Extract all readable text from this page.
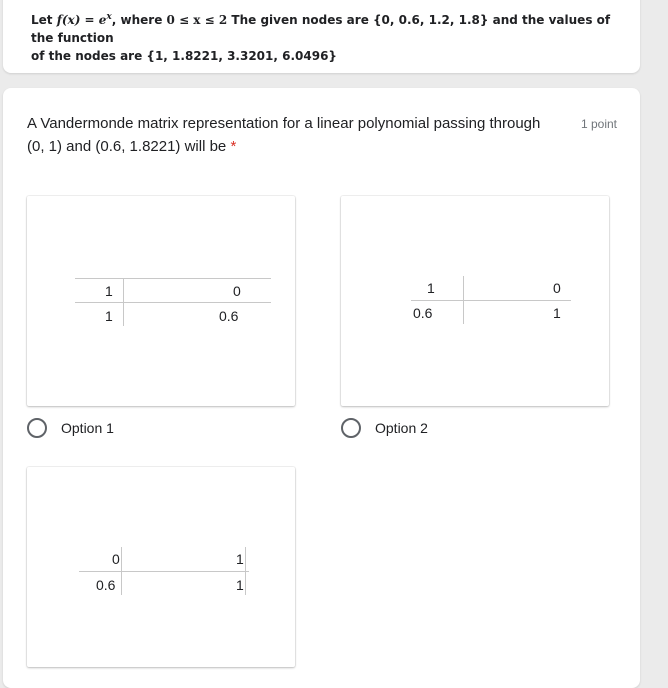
Let $f(x) = e^x$, where 0 ≤ x ≤ 2 The given nodes are {0, 0.6, 1.2, 1.8} and the values of the function
of the nodes are {1, 1.8221, 3.3201, 6.0496}
A Vandermonde matrix representation for a linear polynomial passing through (0, 1) and (0.6, 1.8221) will be *
1 point
1	0
1	0.6
1	0
0.6	1
Option 1	Option 2
0	1
0.6	1
